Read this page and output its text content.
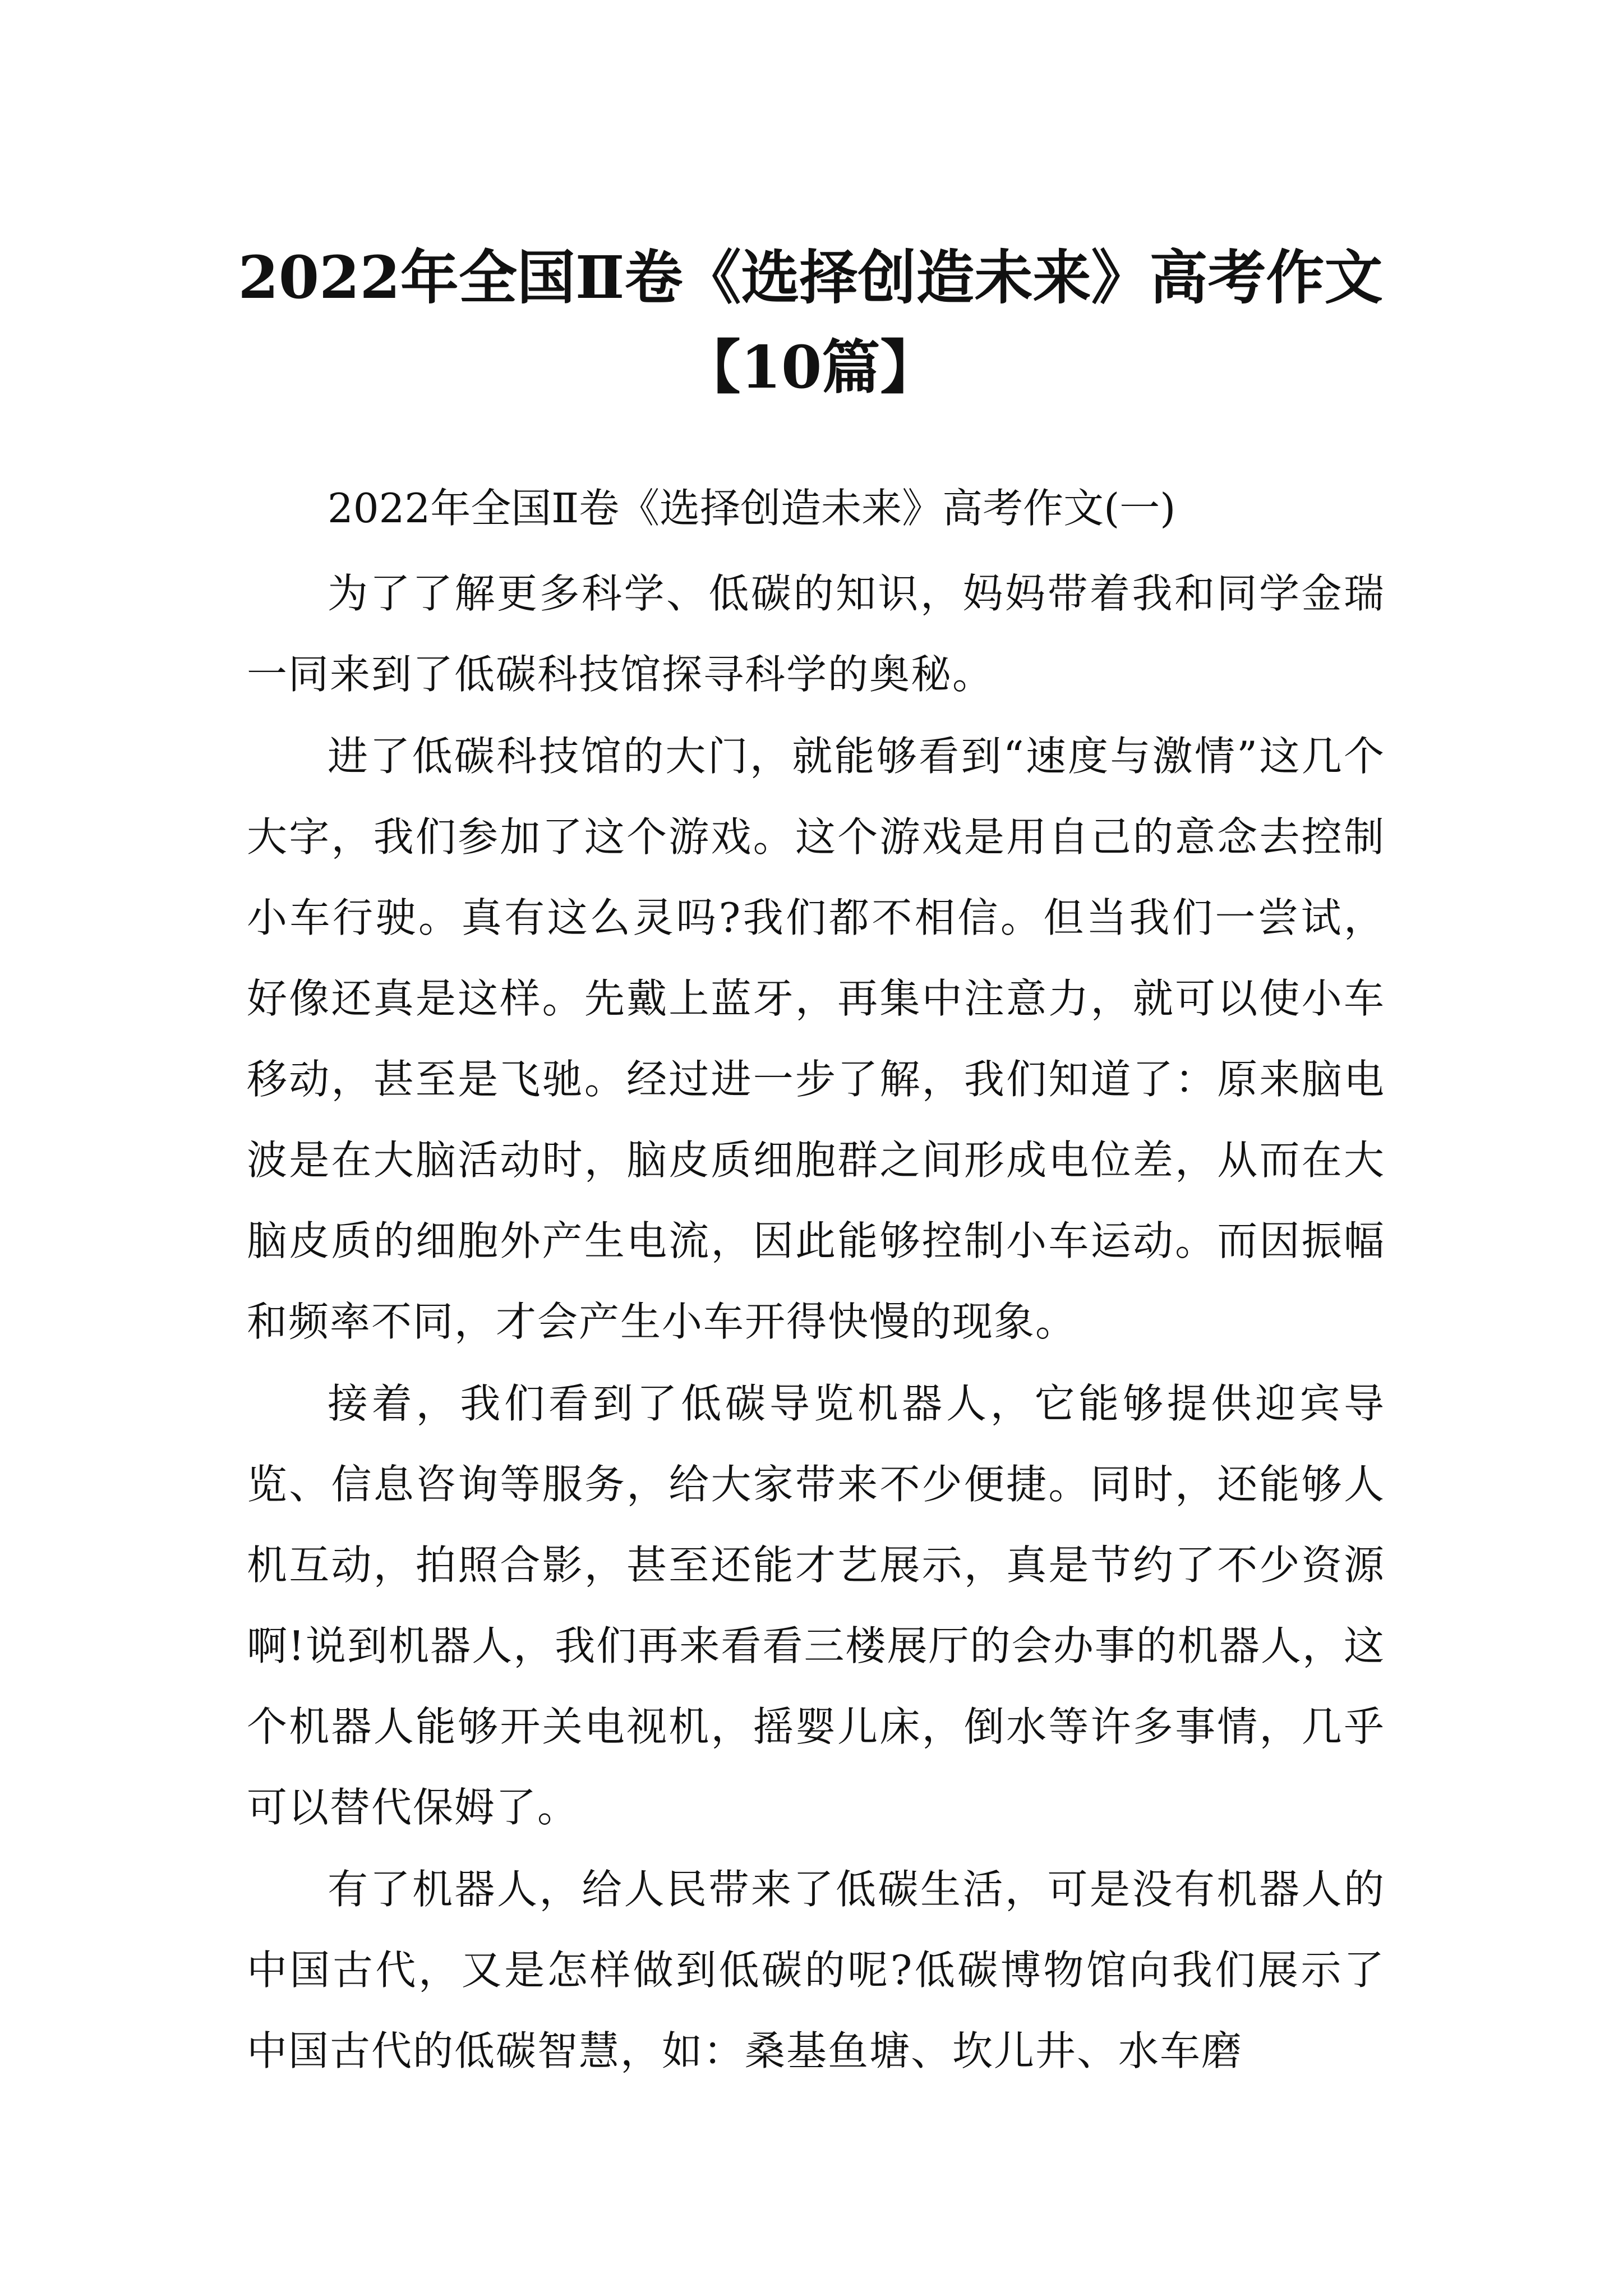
2022年全国Ⅱ卷《选择创造未来》高考作文
【10篇】

2022年全国Ⅱ卷《选择创造未来》高考作文(一)

为了了解更多科学、低碳的知识，妈妈带着我和同学金瑞一同来到了低碳科技馆探寻科学的奥秘。

进了低碳科技馆的大门，就能够看到“速度与激情”这几个大字，我们参加了这个游戏。这个游戏是用自己的意念去控制小车行驶。真有这么灵吗?我们都不相信。但当我们一尝试，好像还真是这样。先戴上蓝牙，再集中注意力，就可以使小车移动，甚至是飞驰。经过进一步了解，我们知道了：原来脑电波是在大脑活动时，脑皮质细胞群之间形成电位差，从而在大脑皮质的细胞外产生电流，因此能够控制小车运动。而因振幅和频率不同，才会产生小车开得快慢的现象。

接着，我们看到了低碳导览机器人，它能够提供迎宾导览、信息咨询等服务，给大家带来不少便捷。同时，还能够人机互动，拍照合影，甚至还能才艺展示，真是节约了不少资源啊!说到机器人，我们再来看看三楼展厅的会办事的机器人，这个机器人能够开关电视机，摇婴儿床，倒水等许多事情，几乎可以替代保姆了。

有了机器人，给人民带来了低碳生活，可是没有机器人的中国古代，又是怎样做到低碳的呢?低碳博物馆向我们展示了中国古代的低碳智慧，如：桑基鱼塘、坎儿井、水车磨
